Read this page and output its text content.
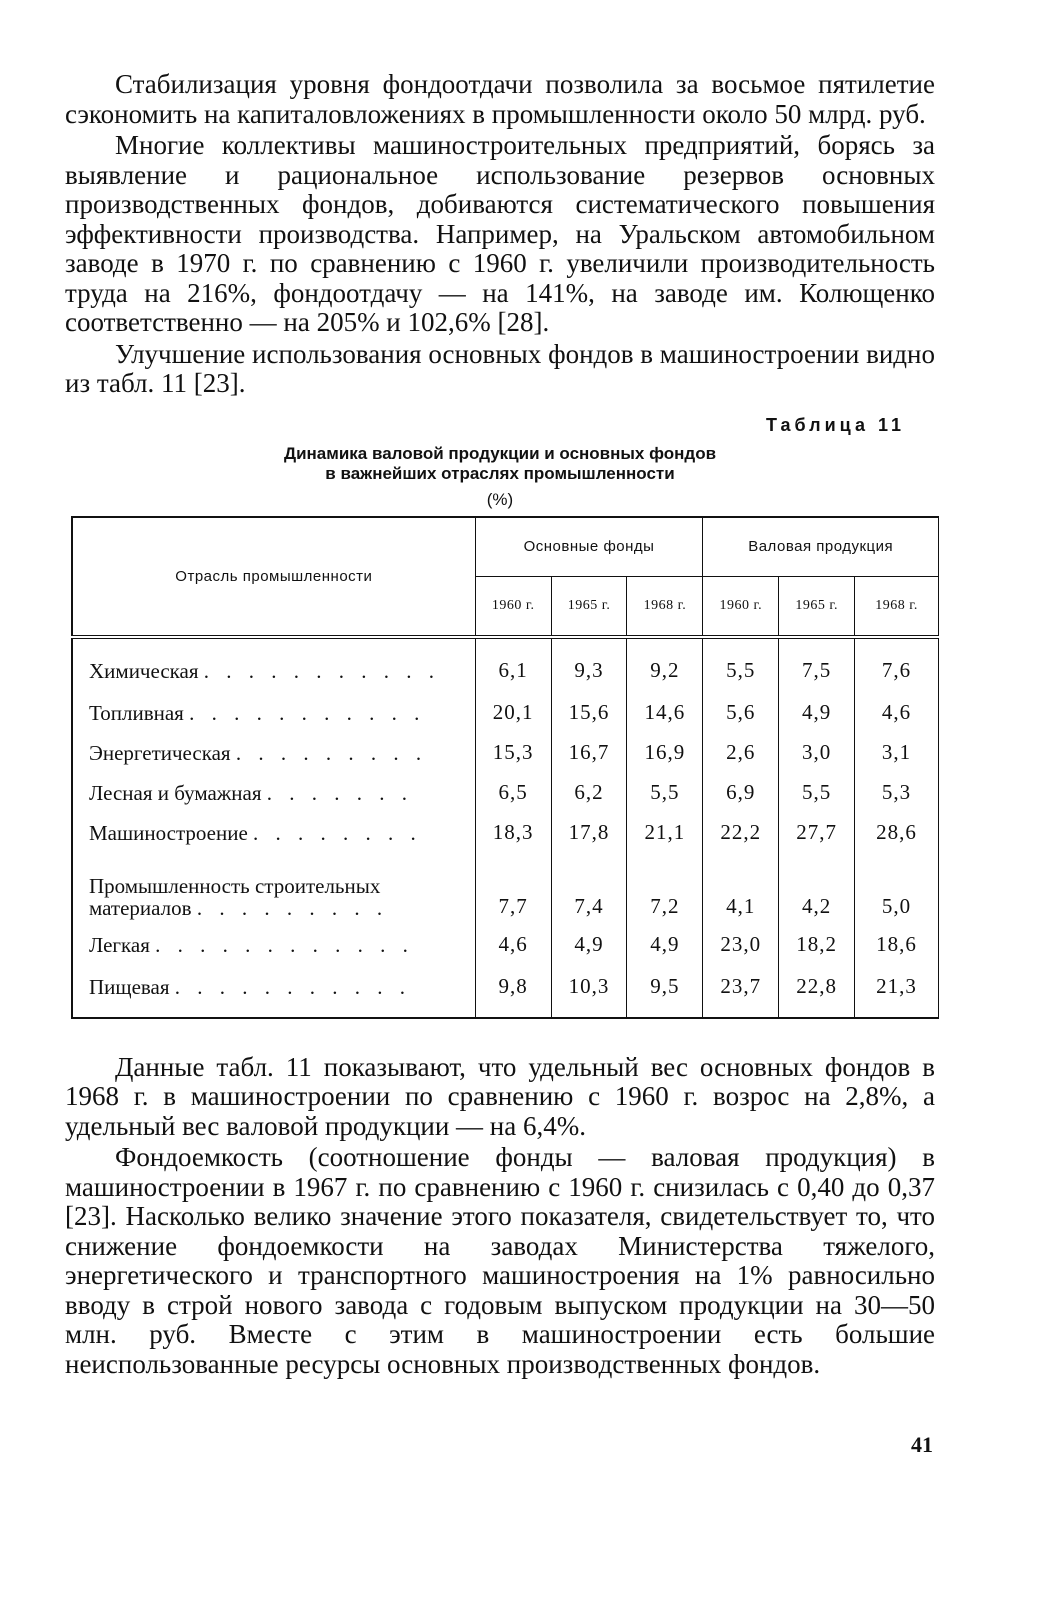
Стабилизация уровня фондоотдачи позволила за восьмое пятилетие сэкономить на капиталовложениях в промышленности около 50 млрд. руб.

Многие коллективы машиностроительных предприятий, борясь за выявление и рациональное использование резервов основных производственных фондов, добиваются систематического повышения эффективности производства. Например, на Уральском автомобильном заводе в 1970 г. по сравнению с 1960 г. увеличили производительность труда на 216%, фондоотдачу — на 141%, на заводе им. Колющенко соответственно — на 205% и 102,6% [28].

Улучшение использования основных фондов в машиностроении видно из табл. 11 [23].

Таблица 11
Динамика валовой продукции и основных фондов
в важнейших отраслях промышленности
(%)
Отрасль промышленности	Основные фонды			Валовая продукция		
	1960 г.	1965 г.	1968 г.	1960 г.	1965 г.	1968 г.
Химическая . . . . . . . . . . .	6,1	9,3	9,2	5,5	7,5	7,6
Топливная . . . . . . . . . . .	20,1	15,6	14,6	5,6	4,9	4,6
Энергетическая . . . . . . . . .	15,3	16,7	16,9	2,6	3,0	3,1
Лесная и бумажная . . . . . . .	6,5	6,2	5,5	6,9	5,5	5,3
Машиностроение . . . . . . . .	18,3	17,8	21,1	22,2	27,7	28,6
Промышленность строительных материалов . . . . . . . . .	7,7	7,4	7,2	4,1	4,2	5,0
Легкая . . . . . . . . . . . .	4,6	4,9	4,9	23,0	18,2	18,6
Пищевая . . . . . . . . . . .	9,8	10,3	9,5	23,7	22,8	21,3

Данные табл. 11 показывают, что удельный вес основных фондов в 1968 г. в машиностроении по сравнению с 1960 г. возрос на 2,8%, а удельный вес валовой продукции — на 6,4%.

Фондоемкость (соотношение фонды — валовая продукция) в машиностроении в 1967 г. по сравнению с 1960 г. снизилась с 0,40 до 0,37 [23]. Насколько велико значение этого показателя, свидетельствует то, что снижение фондоемкости на заводах Министерства тяжелого, энергетического и транспортного машиностроения на 1% равносильно вводу в строй нового завода с годовым выпуском продукции на 30—50 млн. руб. Вместе с этим в машиностроении есть большие неиспользованные ресурсы основных производственных фондов.

41
